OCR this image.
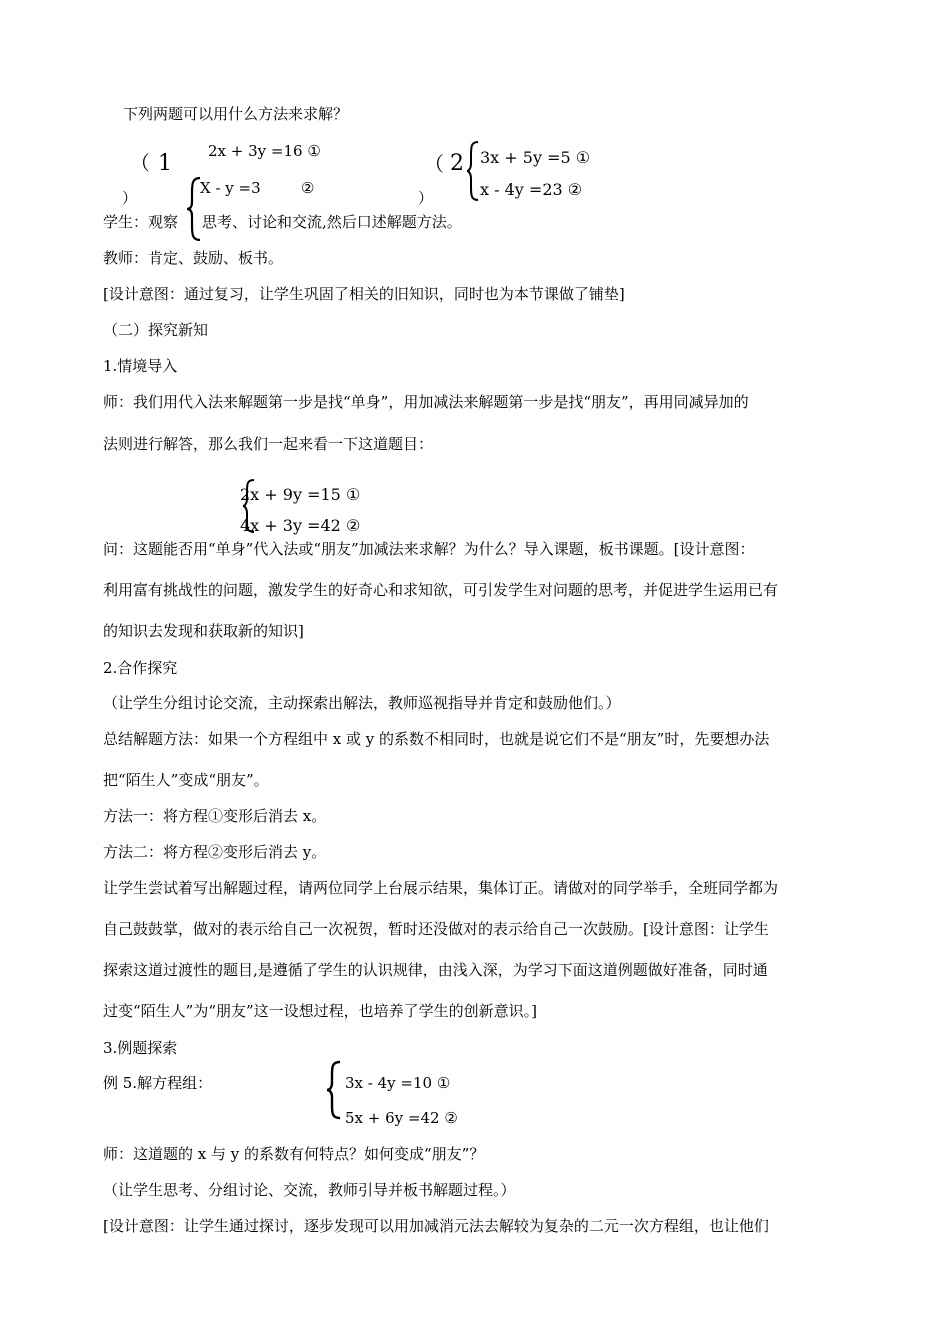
下列两题可以用什么方法来求解？
（ 1
）
2x + 3y =16 ①
X - y =3	②
（ 2
）
3x + 5y =5 ①
x - 4y =23 ②
学生：观察 思考、讨论和交流,然后口述解题方法。
教师：肯定、鼓励、板书。
[设计意图：通过复习，让学生巩固了相关的旧知识，同时也为本节课做了铺垫]
（二）探究新知
1.情境导入
师：我们用代入法来解题第一步是找“单身”，用加减法来解题第一步是找“朋友”，再用同减异加的
法则进行解答，那么我们一起来看一下这道题目：
2x + 9y =15 ①
4x + 3y =42 ②
问：这题能否用“单身”代入法或“朋友”加减法来求解？为什么？导入课题，板书课题。[设计意图：
利用富有挑战性的问题，激发学生的好奇心和求知欲，可引发学生对问题的思考，并促进学生运用已有
的知识去发现和获取新的知识]
2.合作探究
（让学生分组讨论交流，主动探索出解法，教师巡视指导并肯定和鼓励他们。）
总结解题方法：如果一个方程组中 x 或 y 的系数不相同时，也就是说它们不是“朋友”时，先要想办法
把“陌生人”变成“朋友”。
方法一：将方程①变形后消去 x。
方法二：将方程②变形后消去 y。
让学生尝试着写出解题过程，请两位同学上台展示结果，集体订正。请做对的同学举手，全班同学都为
自己鼓鼓掌，做对的表示给自己一次祝贺，暂时还没做对的表示给自己一次鼓励。[设计意图：让学生
探索这道过渡性的题目,是遵循了学生的认识规律，由浅入深，为学习下面这道例题做好准备，同时通
过变“陌生人”为“朋友”这一设想过程，也培养了学生的创新意识。]
3.例题探索
例 5.解方程组：	3x - 4y =10 ①
5x + 6y =42 ②
师：这道题的 x 与 y 的系数有何特点？如何变成“朋友”？
（让学生思考、分组讨论、交流，教师引导并板书解题过程。）
[设计意图：让学生通过探讨，逐步发现可以用加减消元法去解较为复杂的二元一次方程组，也让他们
